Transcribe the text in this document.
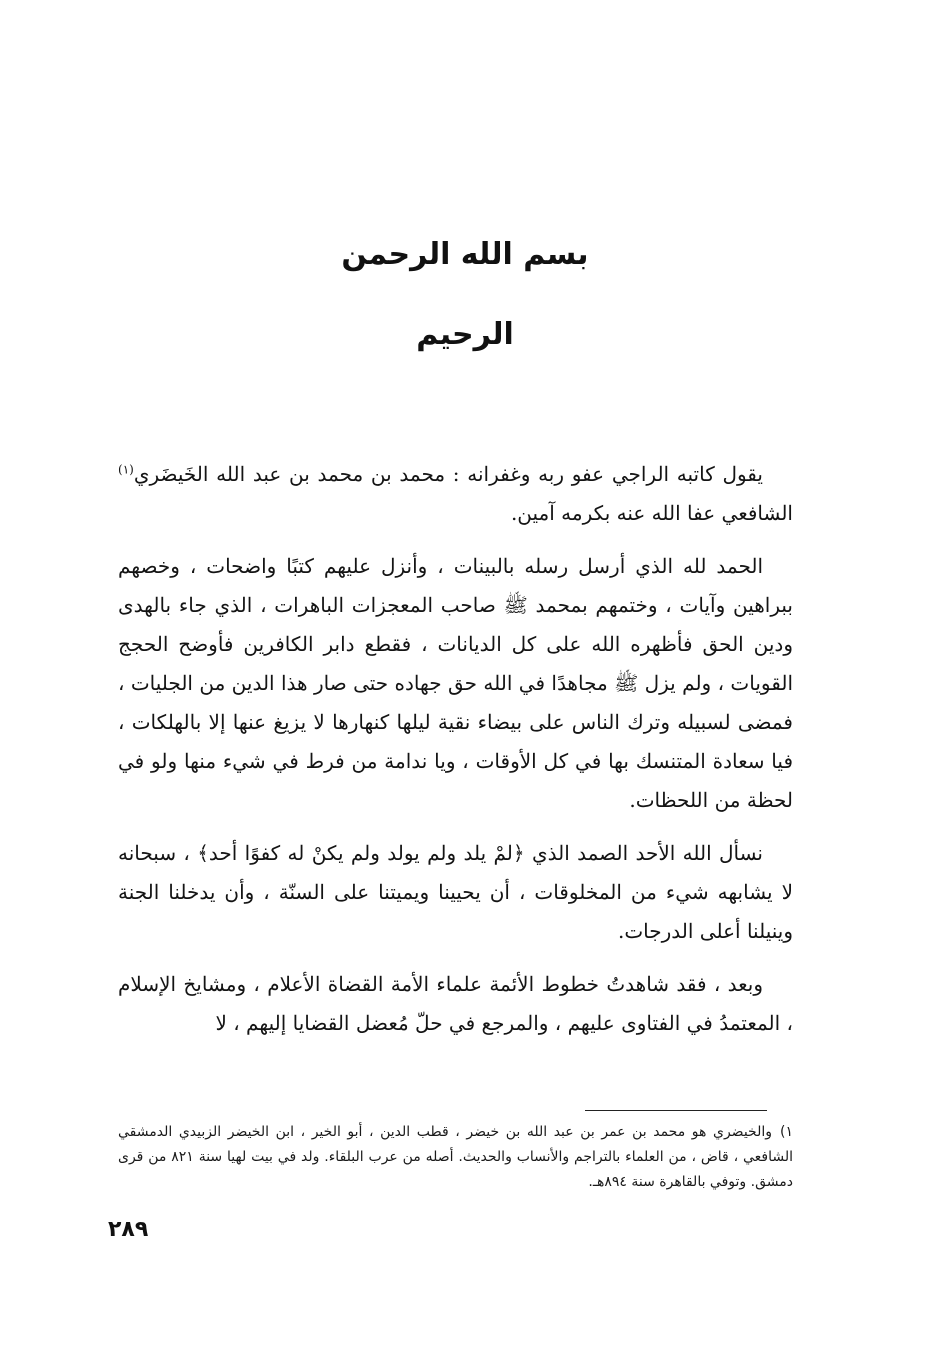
بسم الله الرحمن الرحيم

يقول كاتبه الراجي عفو ربه وغفرانه : محمد بن محمد بن عبد الله الخَيضَري$^{(١)}$ الشافعي عفا الله عنه بكرمه آمين.

الحمد لله الذي أرسل رسله بالبينات ، وأنزل عليهم كتبًا واضحات ، وخصهم ببراهين وآيات ، وختمهم بمحمد ﷺ صاحب المعجزات الباهرات ، الذي جاء بالهدى ودين الحق فأظهره الله على كل الديانات ، فقطع دابر الكافرين فأوضح الحجج القويات ، ولم يزل ﷺ مجاهدًا في الله حق جهاده حتى صار هذا الدين من الجليات ، فمضى لسبيله وترك الناس على بيضاء نقية ليلها كنهارها لا يزيغ عنها إلا بالهلكات ، فيا سعادة المتنسك بها في كل الأوقات ، ويا ندامة من فرط في شيء منها ولو في لحظة من اللحظات.

نسأل الله الأحد الصمد الذي ﴿لمْ يلد ولم يولد ولم يكنْ له كفوًا أحد﴾ ، سبحانه لا يشابهه شيء من المخلوقات ، أن يحيينا ويميتنا على السنّة ، وأن يدخلنا الجنة وينيلنا أعلى الدرجات.

وبعد ، فقد شاهدتُ خطوط الأئمة علماء الأمة القضاة الأعلام ، ومشايخ الإسلام ، المعتمدُ في الفتاوى عليهم ، والمرجع في حلّ مُعضل القضايا إليهم ، لا

١)والخيضري هو محمد بن عمر بن عبد الله بن خيضر ، قطب الدين ، أبو الخير ، ابن الخيضر الزبيدي الدمشقي الشافعي ، قاض ، من العلماء بالتراجم والأنساب والحديث. أصله من عرب البلقاء. ولد في بيت لهيا سنة ٨٢١ من قرى دمشق. وتوفي بالقاهرة سنة ٨٩٤هـ.
٢٨٩
